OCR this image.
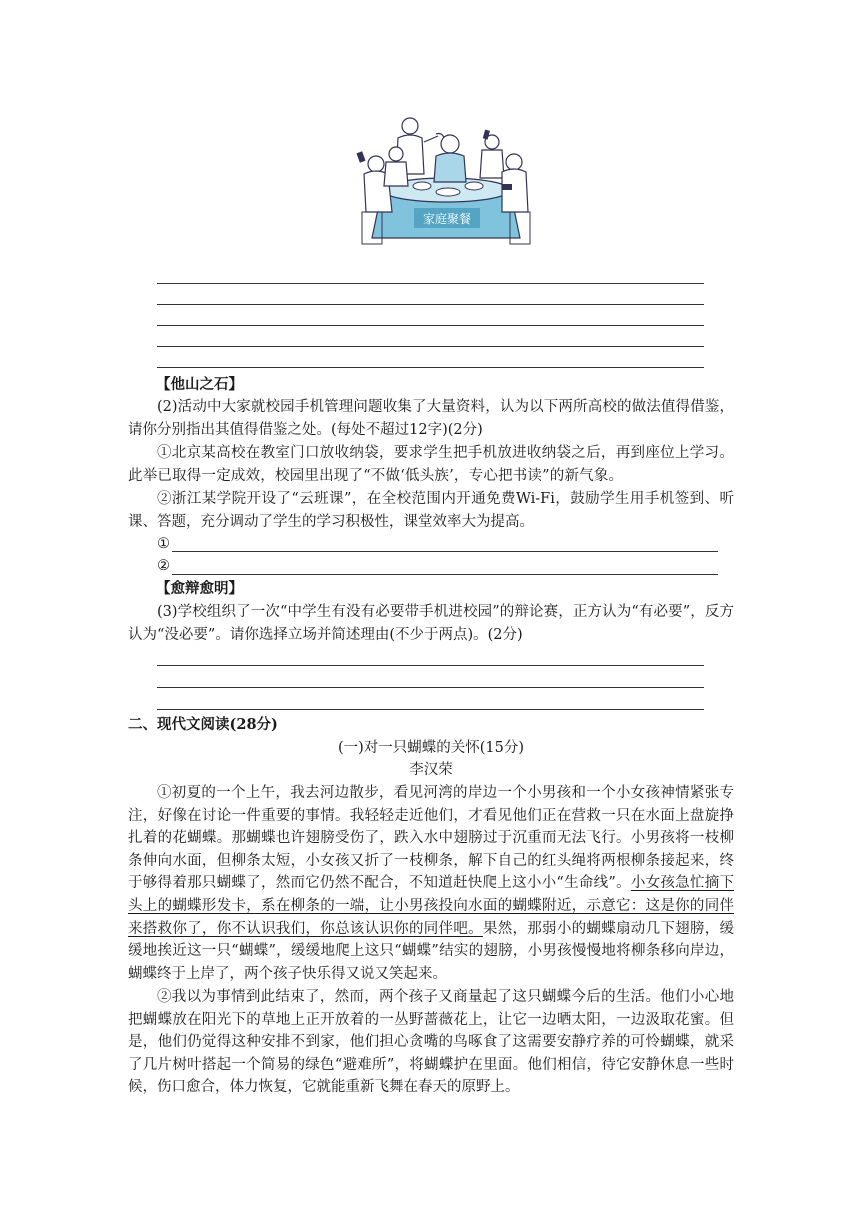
家庭聚餐
【他山之石】
(2)活动中大家就校园手机管理问题收集了大量资料，认为以下两所高校的做法值得借鉴，请你分别指出其值得借鉴之处。(每处不超过12字)(2分)
①北京某高校在教室门口放收纳袋，要求学生把手机放进收纳袋之后，再到座位上学习。此举已取得一定成效，校园里出现了“不做‘低头族’，专心把书读”的新气象。
②浙江某学院开设了“云班课”，在全校范围内开通免费Wi-Fi，鼓励学生用手机签到、听课、答题，充分调动了学生的学习积极性，课堂效率大为提高。
①
②
【愈辩愈明】
(3)学校组织了一次“中学生有没有必要带手机进校园”的辩论赛，正方认为“有必要”，反方认为“没必要”。请你选择立场并简述理由(不少于两点)。(2分)
二、现代文阅读(28分)
(一)对一只蝴蝶的关怀(15分)
李汉荣
①初夏的一个上午，我去河边散步，看见河湾的岸边一个小男孩和一个小女孩神情紧张专注，好像在讨论一件重要的事情。我轻轻走近他们，才看见他们正在营救一只在水面上盘旋挣扎着的花蝴蝶。那蝴蝶也许翅膀受伤了，跌入水中翅膀过于沉重而无法飞行。小男孩将一枝柳条伸向水面，但柳条太短，小女孩又折了一枝柳条，解下自己的红头绳将两根柳条接起来，终于够得着那只蝴蝶了，然而它仍然不配合，不知道赶快爬上这小小“生命线”。小女孩急忙摘下头上的蝴蝶形发卡，系在柳条的一端，让小男孩投向水面的蝴蝶附近，示意它：这是你的同伴来搭救你了，你不认识我们，你总该认识你的同伴吧。果然，那弱小的蝴蝶扇动几下翅膀，缓缓地挨近这一只“蝴蝶”，缓缓地爬上这只“蝴蝶”结实的翅膀，小男孩慢慢地将柳条移向岸边，蝴蝶终于上岸了，两个孩子快乐得又说又笑起来。
②我以为事情到此结束了，然而，两个孩子又商量起了这只蝴蝶今后的生活。他们小心地把蝴蝶放在阳光下的草地上正开放着的一丛野蔷薇花上，让它一边晒太阳，一边汲取花蜜。但是，他们仍觉得这种安排不到家，他们担心贪嘴的鸟啄食了这需要安静疗养的可怜蝴蝶，就采了几片树叶搭起一个简易的绿色“避难所”，将蝴蝶护在里面。他们相信，待它安静休息一些时候，伤口愈合，体力恢复，它就能重新飞舞在春天的原野上。
